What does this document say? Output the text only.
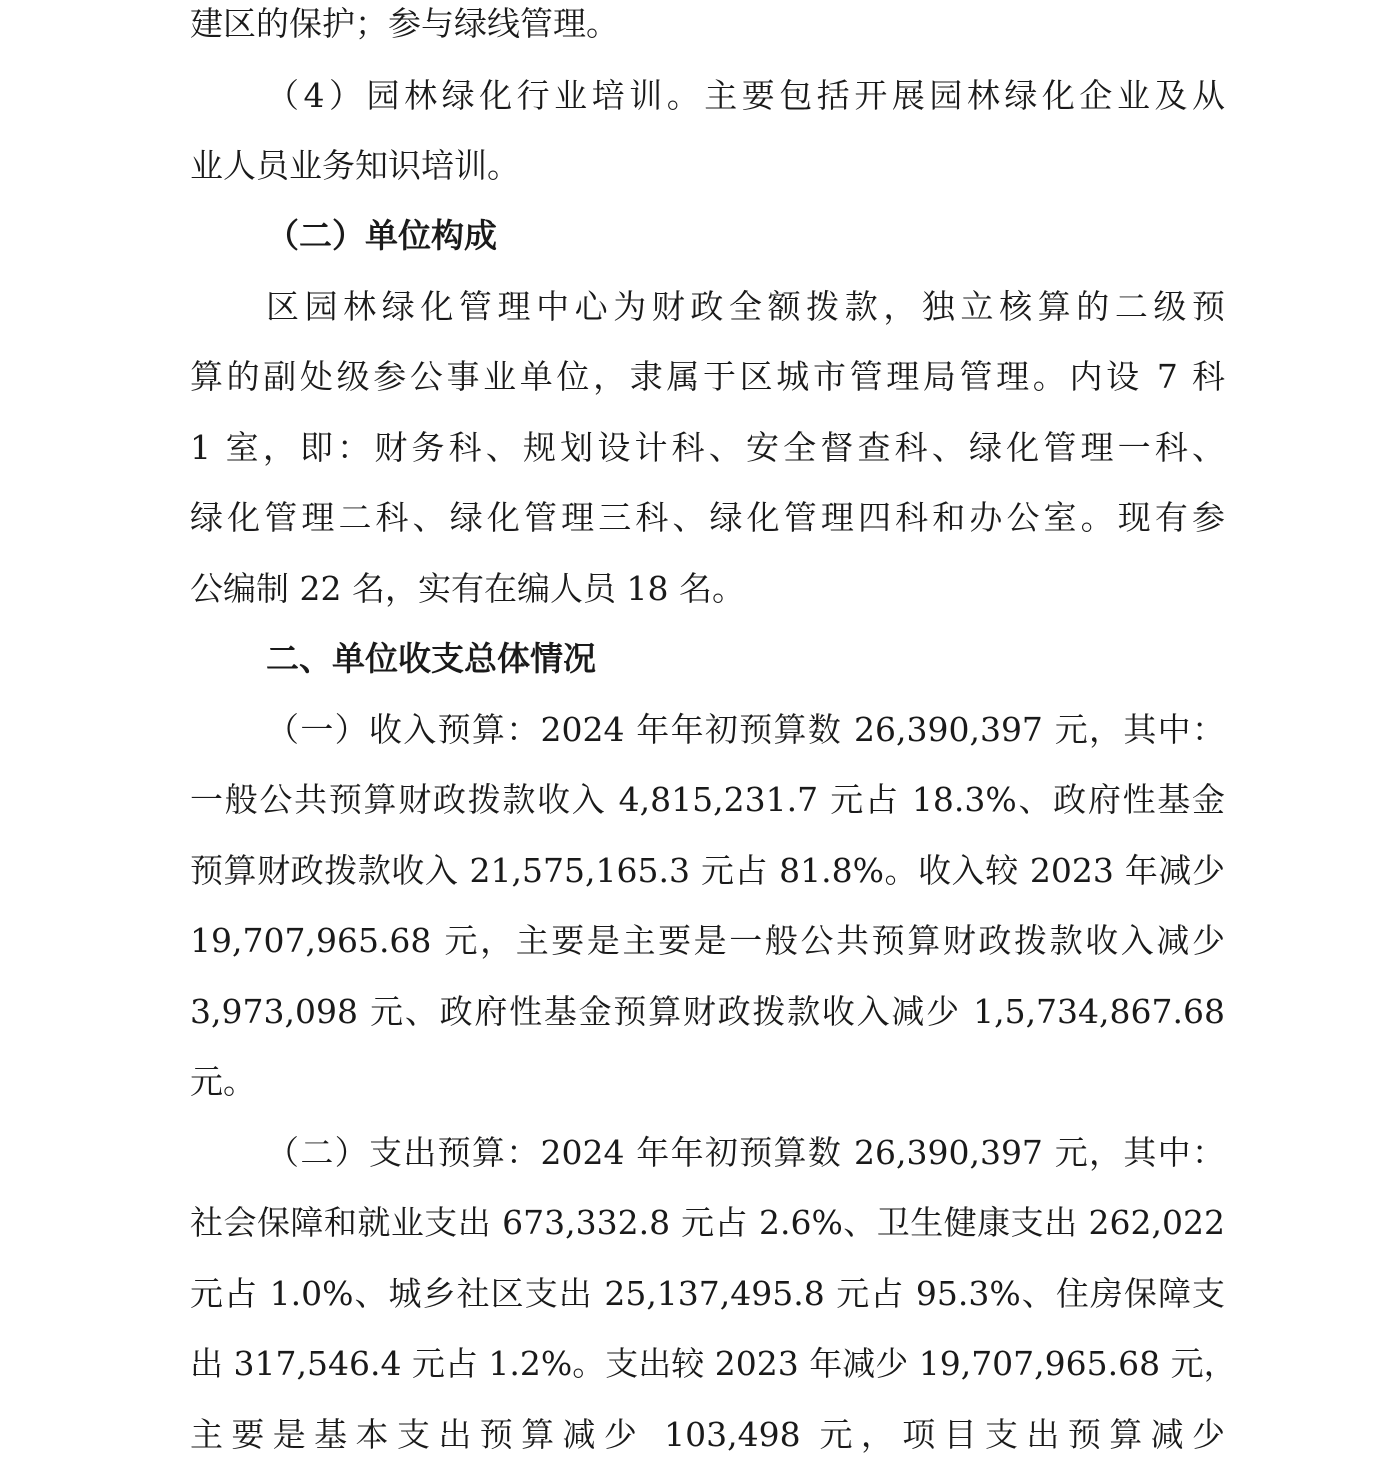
建区的保护；参与绿线管理。
（4）园林绿化行业培训。主要包括开展园林绿化企业及从
业人员业务知识培训。
（二）单位构成
区园林绿化管理中心为财政全额拨款，独立核算的二级预
算的副处级参公事业单位，隶属于区城市管理局管理。内设 7 科
1 室，即：财务科、规划设计科、安全督查科、绿化管理一科、
绿化管理二科、绿化管理三科、绿化管理四科和办公室。现有参
公编制 22 名，实有在编人员 18 名。
二、单位收支总体情况
（一）收入预算：2024 年年初预算数 26,390,397 元，其中：
一般公共预算财政拨款收入 4,815,231.7 元占 18.3%、政府性基金
预算财政拨款收入 21,575,165.3 元占 81.8%。收入较 2023 年减少
19,707,965.68 元，主要是主要是一般公共预算财政拨款收入减少
3,973,098 元、政府性基金预算财政拨款收入减少 1,5,734,867.68
元。
（二）支出预算：2024 年年初预算数 26,390,397 元，其中：
社会保障和就业支出 673,332.8 元占 2.6%、卫生健康支出 262,022
元占 1.0%、城乡社区支出 25,137,495.8 元占 95.3%、住房保障支
出 317,546.4 元占 1.2%。支出较 2023 年减少 19,707,965.68 元，
主要是基本支出预算减少 103,498 元，项目支出预算减少
